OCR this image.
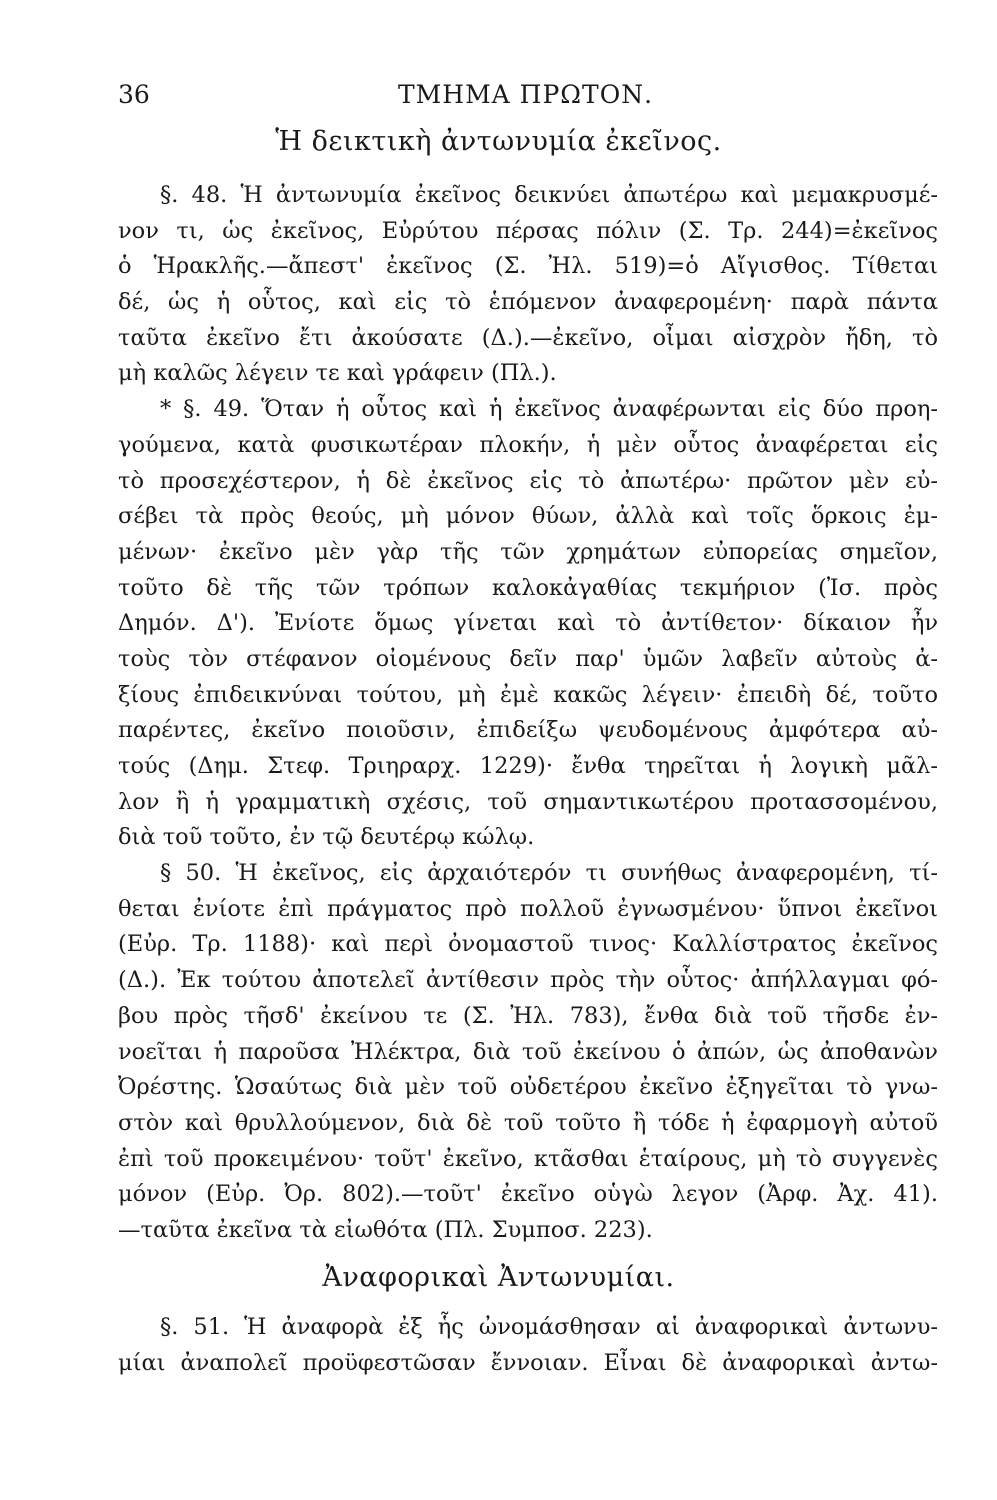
36	ΤΜΗΜΑ ΠΡΩΤΟΝ.
Ἡ δεικτικὴ ἀντωνυμία ἐκεῖνος.
§. 48. Ἡ ἀντωνυμία ἐκεῖνος δεικνύει ἀπωτέρω καὶ μεμακρυσμέ-
νον τι, ὡς ἐκεῖνος, Εὐρύτου πέρσας πόλιν (Σ. Τρ. 244)=ἐκεῖνος
ὁ Ἡρακλῆς.—ἄπεστ' ἐκεῖνος (Σ. Ἠλ. 519)=ὁ Αἴγισθος. Τίθεται
δέ, ὡς ἡ οὗτος, καὶ εἰς τὸ ἑπόμενον ἀναφερομένη· παρὰ πάντα
ταῦτα ἐκεῖνο ἔτι ἀκούσατε (Δ.).—ἐκεῖνο, οἶμαι αἰσχρὸν ἤδη, τὸ
μὴ καλῶς λέγειν τε καὶ γράφειν (Πλ.).
* §. 49. Ὅταν ἡ οὗτος καὶ ἡ ἐκεῖνος ἀναφέρωνται εἰς δύο προη-
γούμενα, κατὰ φυσικωτέραν πλοκήν, ἡ μὲν οὗτος ἀναφέρεται εἰς
τὸ προσεχέστερον, ἡ δὲ ἐκεῖνος εἰς τὸ ἀπωτέρω· πρῶτον μὲν εὐ-
σέβει τὰ πρὸς θεούς, μὴ μόνον θύων, ἀλλὰ καὶ τοῖς ὅρκοις ἐμ-
μένων· ἐκεῖνο μὲν γὰρ τῆς τῶν χρημάτων εὐπορείας σημεῖον,
τοῦτο δὲ τῆς τῶν τρόπων καλοκἀγαθίας τεκμήριον (Ἰσ. πρὸς
Δημόν. Δ'). Ἐνίοτε ὅμως γίνεται καὶ τὸ ἀντίθετον· δίκαιον ἦν
τοὺς τὸν στέφανον οἰομένους δεῖν παρ' ὑμῶν λαβεῖν αὐτοὺς ἀ-
ξίους ἐπιδεικνύναι τούτου, μὴ ἐμὲ κακῶς λέγειν· ἐπειδὴ δέ, τοῦτο
παρέντες, ἐκεῖνο ποιοῦσιν, ἐπιδείξω ψευδομένους ἀμφότερα αὐ-
τούς (Δημ. Στεφ. Τριηραρχ. 1229)· ἔνθα τηρεῖται ἡ λογικὴ μᾶλ-
λον ἢ ἡ γραμματικὴ σχέσις, τοῦ σημαντικωτέρου προτασσομένου,
διὰ τοῦ τοῦτο, ἐν τῷ δευτέρῳ κώλῳ.
§ 50. Ἡ ἐκεῖνος, εἰς ἀρχαιότερόν τι συνήθως ἀναφερομένη, τί-
θεται ἐνίοτε ἐπὶ πράγματος πρὸ πολλοῦ ἐγνωσμένου· ὕπνοι ἐκεῖνοι
(Εὐρ. Τρ. 1188)· καὶ περὶ ὀνομαστοῦ τινος· Καλλίστρατος ἐκεῖνος
(Δ.). Ἐκ τούτου ἀποτελεῖ ἀντίθεσιν πρὸς τὴν οὗτος· ἀπήλλαγμαι φό-
βου πρὸς τῆσδ' ἐκείνου τε (Σ. Ἠλ. 783), ἔνθα διὰ τοῦ τῆσδε ἐν-
νοεῖται ἡ παροῦσα Ἠλέκτρα, διὰ τοῦ ἐκείνου ὁ ἀπών, ὡς ἀποθανὼν
Ὀρέστης. Ὡσαύτως διὰ μὲν τοῦ οὐδετέρου ἐκεῖνο ἐξηγεῖται τὸ γνω-
στὸν καὶ θρυλλούμενον, διὰ δὲ τοῦ τοῦτο ἢ τόδε ἡ ἐφαρμογὴ αὐτοῦ
ἐπὶ τοῦ προκειμένου· τοῦτ' ἐκεῖνο, κτᾶσθαι ἑταίρους, μὴ τὸ συγγενὲς
μόνον (Εὐρ. Ὀρ. 802).—τοῦτ' ἐκεῖνο οὑγὼ λεγον (Ἀρφ. Ἀχ. 41).
—ταῦτα ἐκεῖνα τὰ εἰωθότα (Πλ. Συμποσ. 223).
Ἀναφορικαὶ Ἀντωνυμίαι.
§. 51. Ἡ ἀναφορὰ ἐξ ἧς ὠνομάσθησαν αἱ ἀναφορικαὶ ἀντωνυ-
μίαι ἀναπολεῖ προϋφεστῶσαν ἔννοιαν. Εἶναι δὲ ἀναφορικαὶ ἀντω-
